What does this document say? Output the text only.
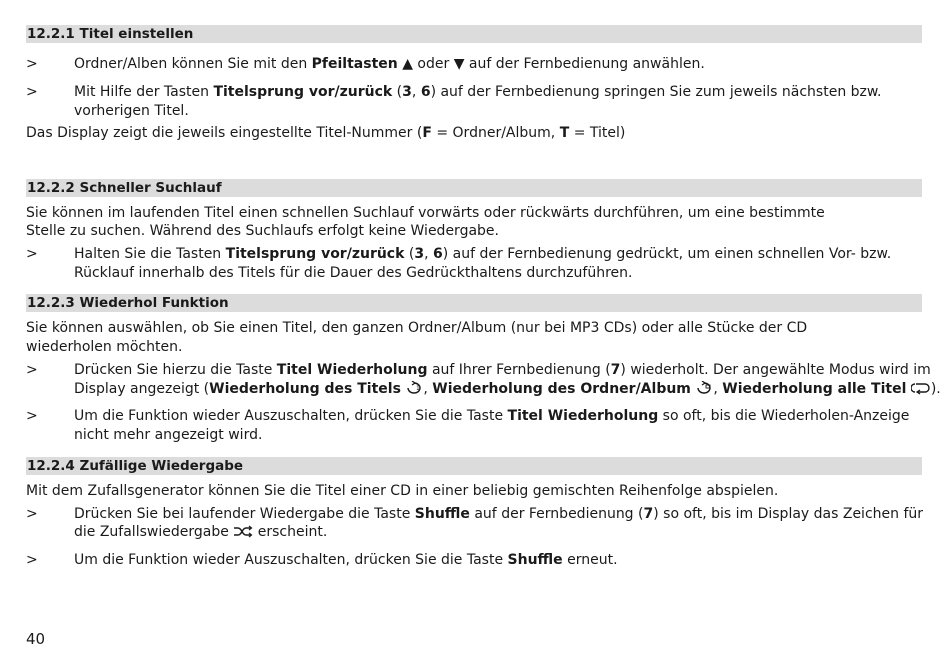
12.2.1 Titel einstellen
>	Ordner/Alben können Sie mit den Pfeiltasten ▲ oder ▼ auf der Fernbedienung anwählen.
>	Mit Hilfe der Tasten Titelsprung vor/zurück (3, 6) auf der Fernbedienung springen Sie zum jeweils nächsten bzw.
vorherigen Titel.
Das Display zeigt die jeweils eingestellte Titel-Nummer (F = Ordner/Album, T = Titel)
12.2.2 Schneller Suchlauf
Sie können im laufenden Titel einen schnellen Suchlauf vorwärts oder rückwärts durchführen, um eine bestimmte
Stelle zu suchen. Während des Suchlaufs erfolgt keine Wiedergabe.
>	Halten Sie die Tasten Titelsprung vor/zurück (3, 6) auf der Fernbedienung gedrückt, um einen schnellen Vor- bzw.
Rücklauf innerhalb des Titels für die Dauer des Gedrückthaltens durchzuführen.
12.2.3 Wiederhol Funktion
Sie können auswählen, ob Sie einen Titel, den ganzen Ordner/Album (nur bei MP3 CDs) oder alle Stücke der CD
wiederholen möchten.
>	Drücken Sie hierzu die Taste Titel Wiederholung auf Ihrer Fernbedienung (7) wiederholt. Der angewählte Modus wird im
Display angezeigt (Wiederholung des Titels	1 , Wiederholung des Ordner/Album , Wiederholung alle Titel ).
>	Um die Funktion wieder Auszuschalten, drücken Sie die Taste Titel Wiederholung so oft, bis die Wiederholen-Anzeige
nicht mehr angezeigt wird.
12.2.4 Zufällige Wiedergabe
Mit dem Zufallsgenerator können Sie die Titel einer CD in einer beliebig gemischten Reihenfolge abspielen.
>	Drücken Sie bei laufender Wiedergabe die Taste Shuffle auf der Fernbedienung (7) so oft, bis im Display das Zeichen für
die Zufallswiedergabe  erscheint.
>	Um die Funktion wieder Auszuschalten, drücken Sie die Taste Shuffle erneut.
40
